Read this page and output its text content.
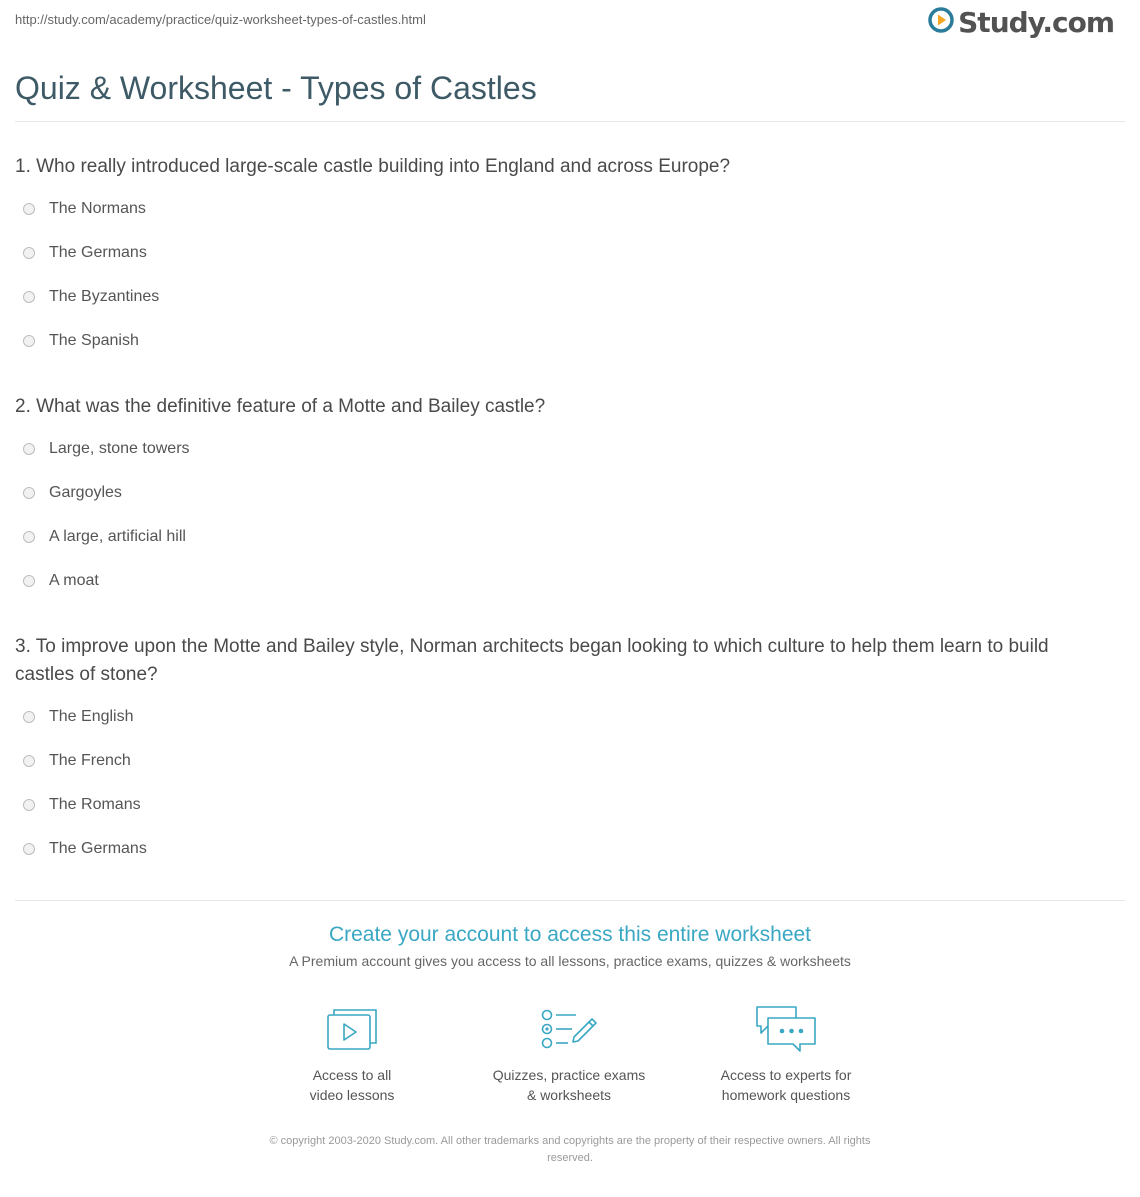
http://study.com/academy/practice/quiz-worksheet-types-of-castles.html	Study.com
Quiz & Worksheet - Types of Castles

1. Who really introduced large-scale castle building into England and across Europe?

The Normans
The Germans
The Byzantines
The Spanish

2. What was the definitive feature of a Motte and Bailey castle?

Large, stone towers
Gargoyles
A large, artificial hill
A moat

3. To improve upon the Motte and Bailey style, Norman architects began looking to which culture to help them learn to build castles of stone?

The English
The French
The Romans
The Germans
Create your account to access this entire worksheet
A Premium account gives you access to all lessons, practice exams, quizzes & worksheets
Access to all
video lessons
Quizzes, practice exams
& worksheets
Access to experts for
homework questions
© copyright 2003-2020 Study.com. All other trademarks and copyrights are the property of their respective owners. All rights
reserved.
